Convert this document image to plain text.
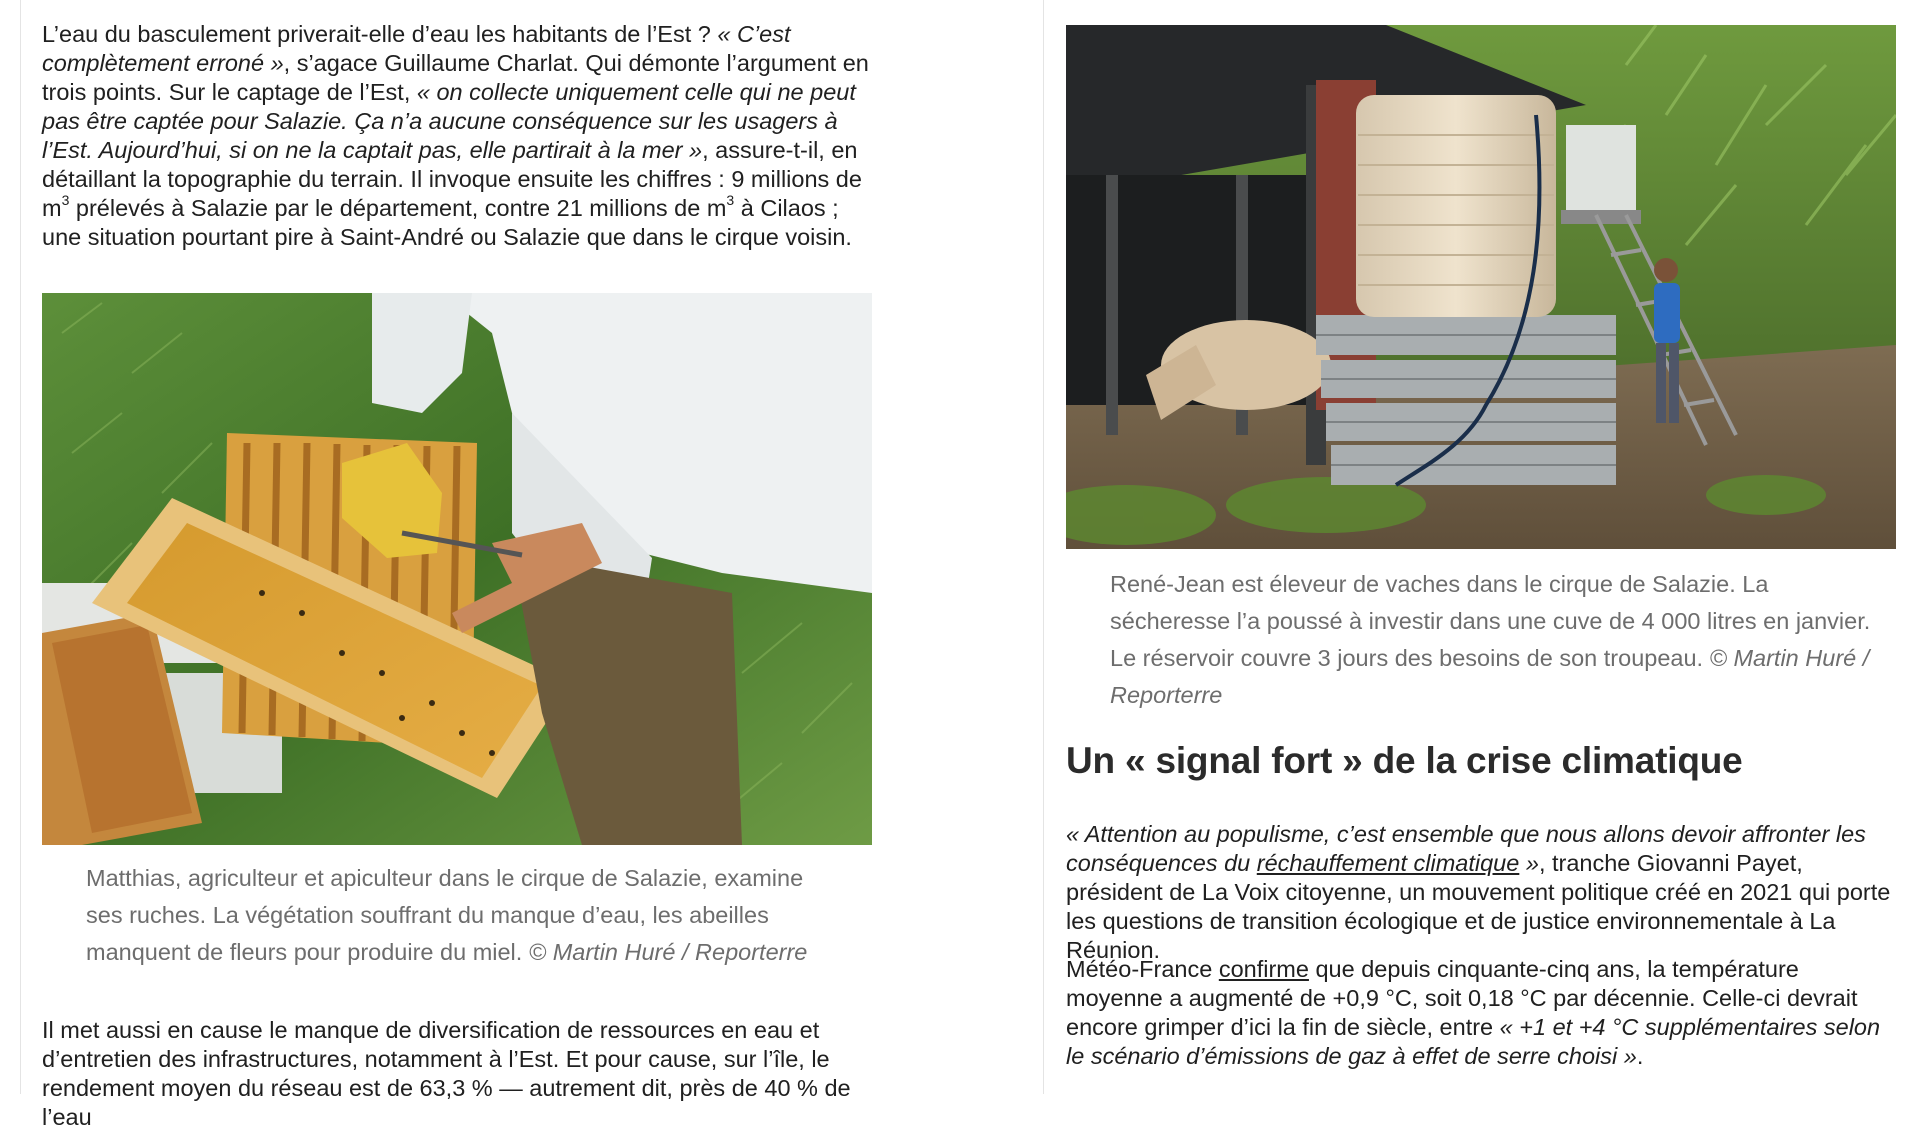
L’eau du basculement priverait-elle d’eau les habitants de l’Est ? « C’est complètement erroné », s’agace Guillaume Charlat. Qui démonte l’argument en trois points. Sur le captage de l’Est, « on collecte uniquement celle qui ne peut pas être captée pour Salazie. Ça n’a aucune conséquence sur les usagers à l’Est. Aujourd’hui, si on ne la captait pas, elle partirait à la mer », assure-t-il, en détaillant la topographie du terrain. Il invoque ensuite les chiffres : 9 millions de $m^3$ prélevés à Salazie par le département, contre 21 millions de $m^3$ à Cilaos ; une situation pourtant pire à Saint-André ou Salazie que dans le cirque voisin.

Matthias, agriculteur et apiculteur dans le cirque de Salazie, examine ses ruches. La végétation souffrant du manque d’eau, les abeilles manquent de fleurs pour produire du miel. © Martin Huré / Reporterre

Il met aussi en cause le manque de diversification de ressources en eau et d’entretien des infrastructures, notamment à l’Est. Et pour cause, sur l’île, le rendement moyen du réseau est de 63,3 % — autrement dit, près de 40 % de l’eau

René-Jean est éleveur de vaches dans le cirque de Salazie. La sécheresse l’a poussé à investir dans une cuve de 4 000 litres en janvier. Le réservoir couvre 3 jours des besoins de son troupeau. © Martin Huré / Reporterre

Un « signal fort » de la crise climatique

« Attention au populisme, c’est ensemble que nous allons devoir affronter les conséquences du réchauffement climatique », tranche Giovanni Payet, président de La Voix citoyenne, un mouvement politique créé en 2021 qui porte les questions de transition écologique et de justice environnementale à La Réunion.

Météo-France confirme que depuis cinquante-cinq ans, la température moyenne a augmenté de +0,9 °C, soit 0,18 °C par décennie. Celle-ci devrait encore grimper d’ici la fin de siècle, entre « +1 et +4 °C supplémentaires selon le scénario d’émissions de gaz à effet de serre choisi ».
